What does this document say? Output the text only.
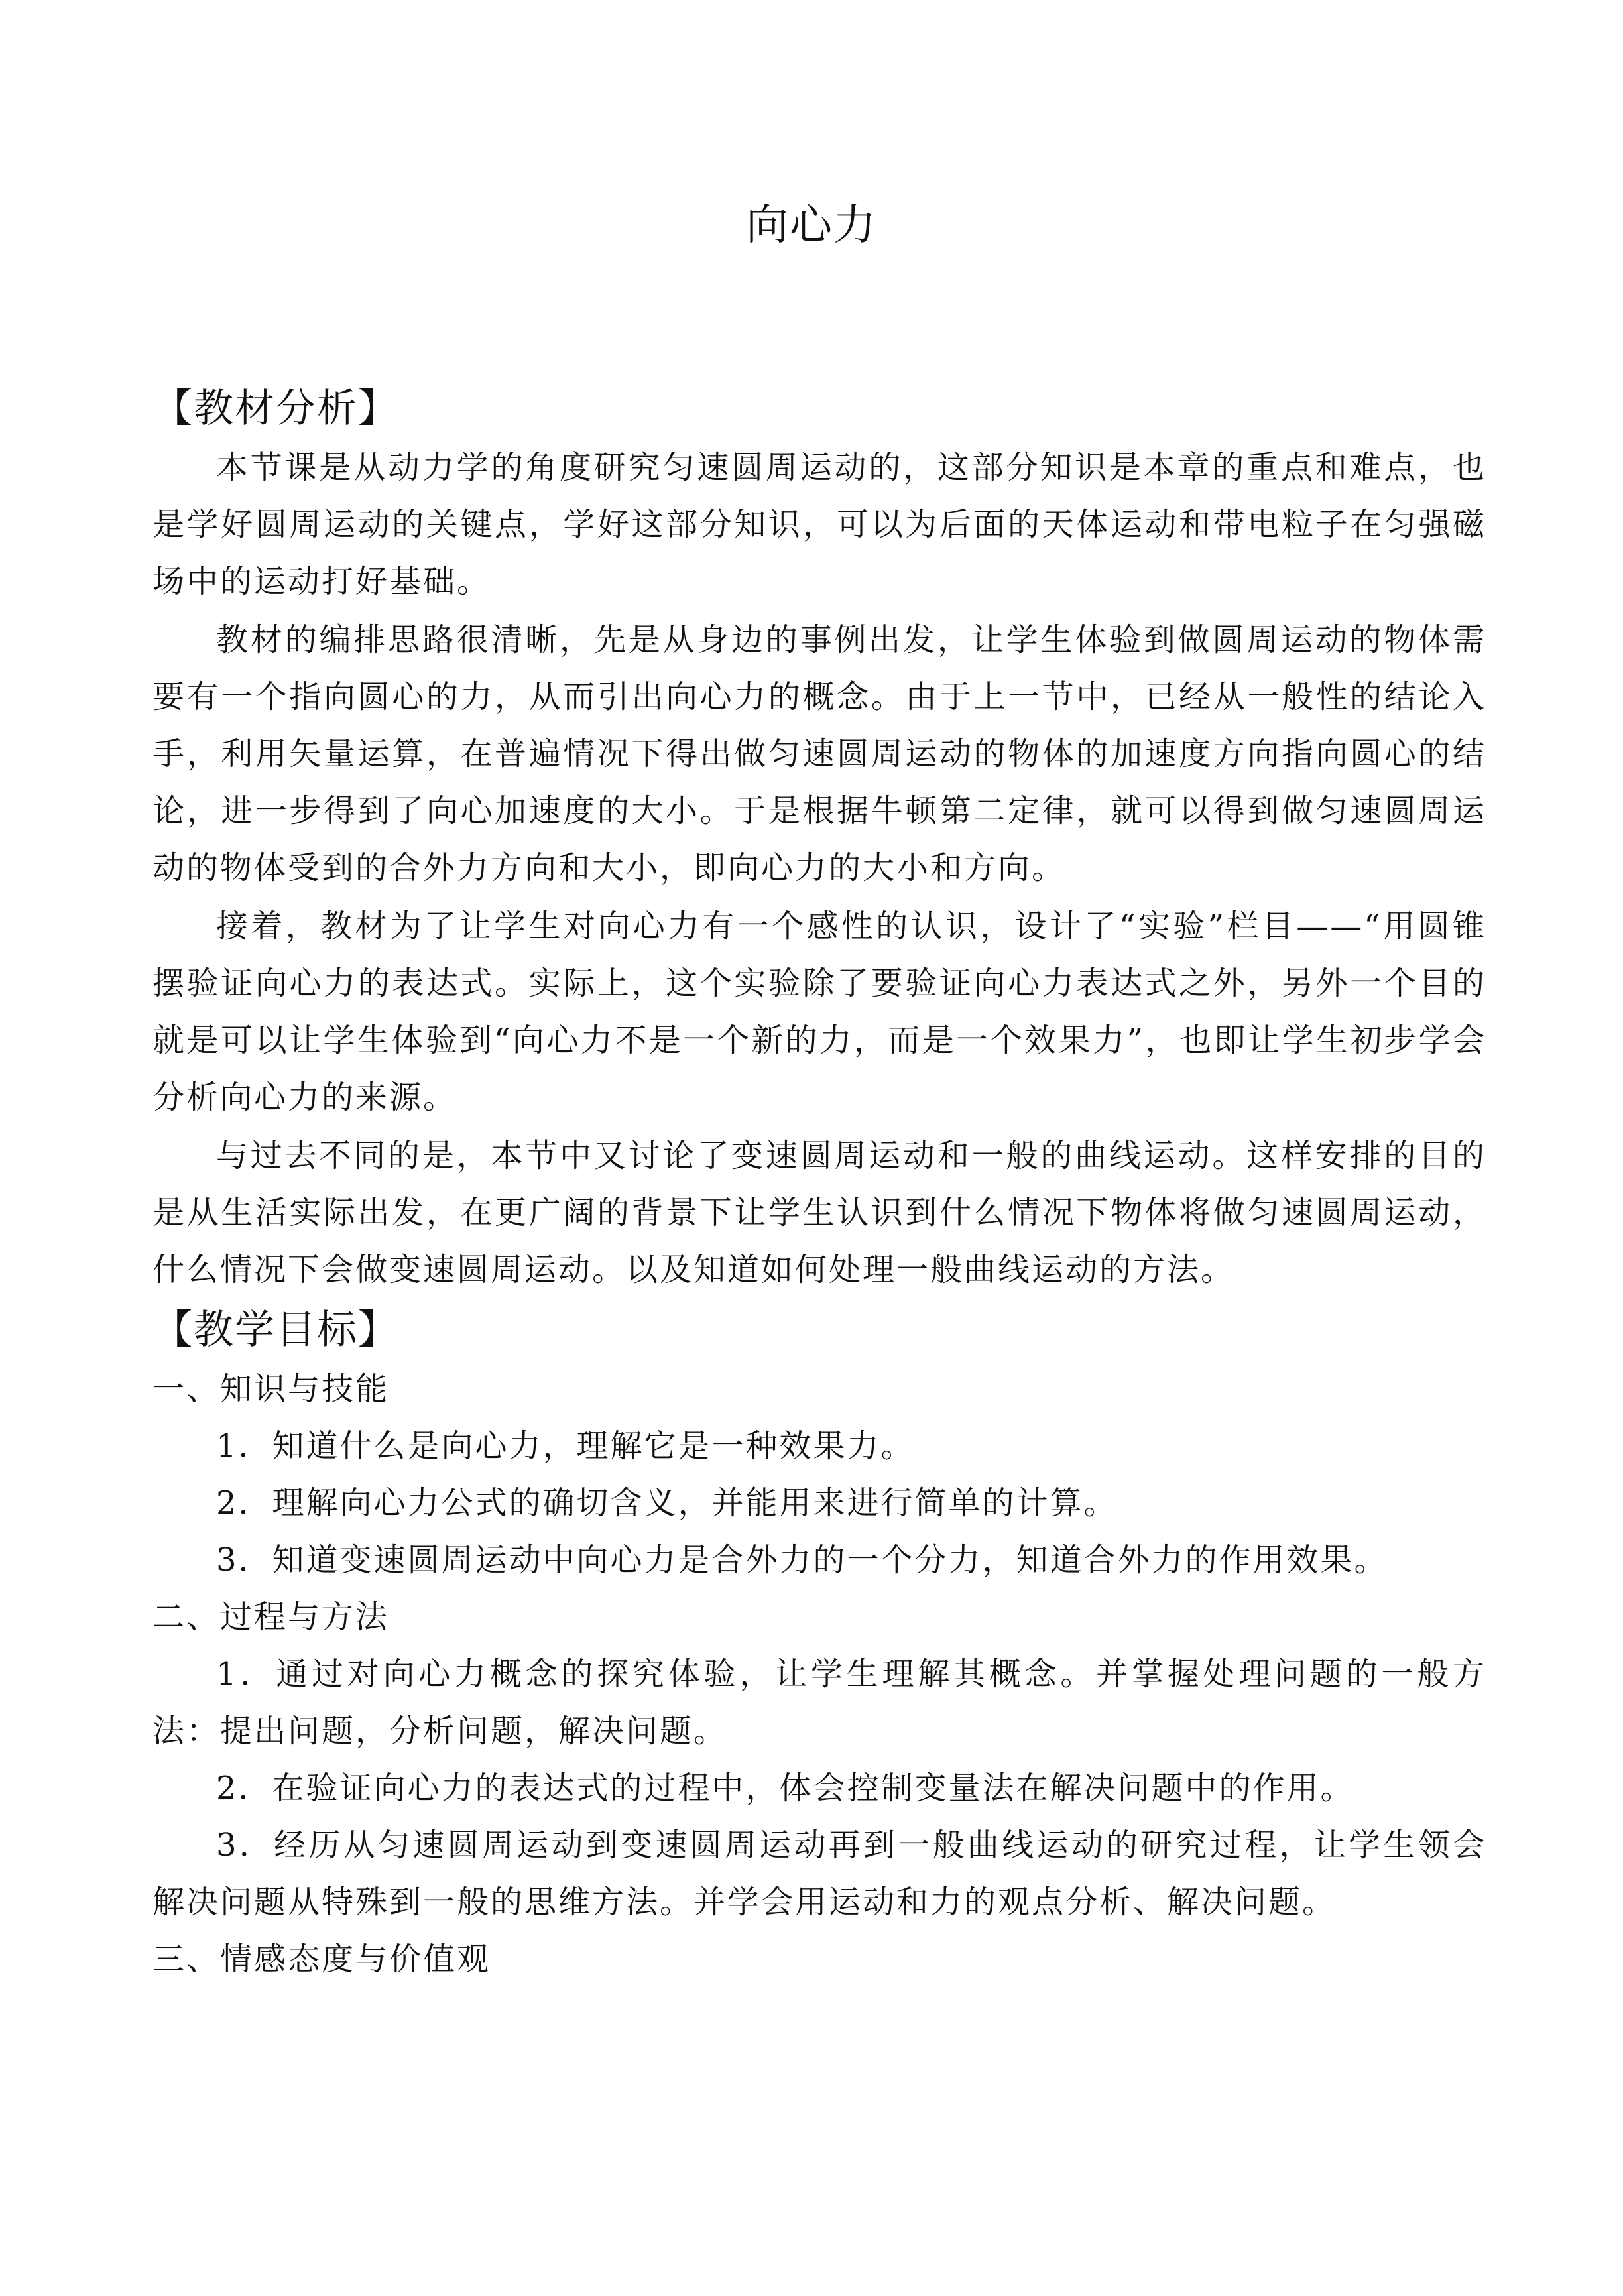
向心力
【教材分析】

本节课是从动力学的角度研究匀速圆周运动的，这部分知识是本章的重点和难点，也是学好圆周运动的关键点，学好这部分知识，可以为后面的天体运动和带电粒子在匀强磁场中的运动打好基础。

教材的编排思路很清晰，先是从身边的事例出发，让学生体验到做圆周运动的物体需要有一个指向圆心的力，从而引出向心力的概念。由于上一节中，已经从一般性的结论入手，利用矢量运算，在普遍情况下得出做匀速圆周运动的物体的加速度方向指向圆心的结论，进一步得到了向心加速度的大小。于是根据牛顿第二定律，就可以得到做匀速圆周运动的物体受到的合外力方向和大小，即向心力的大小和方向。

接着，教材为了让学生对向心力有一个感性的认识，设计了“实验”栏目——“用圆锥摆验证向心力的表达式。实际上，这个实验除了要验证向心力表达式之外，另外一个目的就是可以让学生体验到“向心力不是一个新的力，而是一个效果力”，也即让学生初步学会分析向心力的来源。

与过去不同的是，本节中又讨论了变速圆周运动和一般的曲线运动。这样安排的目的是从生活实际出发，在更广阔的背景下让学生认识到什么情况下物体将做匀速圆周运动，什么情况下会做变速圆周运动。以及知道如何处理一般曲线运动的方法。

【教学目标】
一、知识与技能

1．知道什么是向心力，理解它是一种效果力。

2．理解向心力公式的确切含义，并能用来进行简单的计算。

3．知道变速圆周运动中向心力是合外力的一个分力，知道合外力的作用效果。

二、过程与方法

1．通过对向心力概念的探究体验，让学生理解其概念。并掌握处理问题的一般方法：提出问题，分析问题，解决问题。

2．在验证向心力的表达式的过程中，体会控制变量法在解决问题中的作用。

3．经历从匀速圆周运动到变速圆周运动再到一般曲线运动的研究过程，让学生领会解决问题从特殊到一般的思维方法。并学会用运动和力的观点分析、解决问题。

三、情感态度与价值观
